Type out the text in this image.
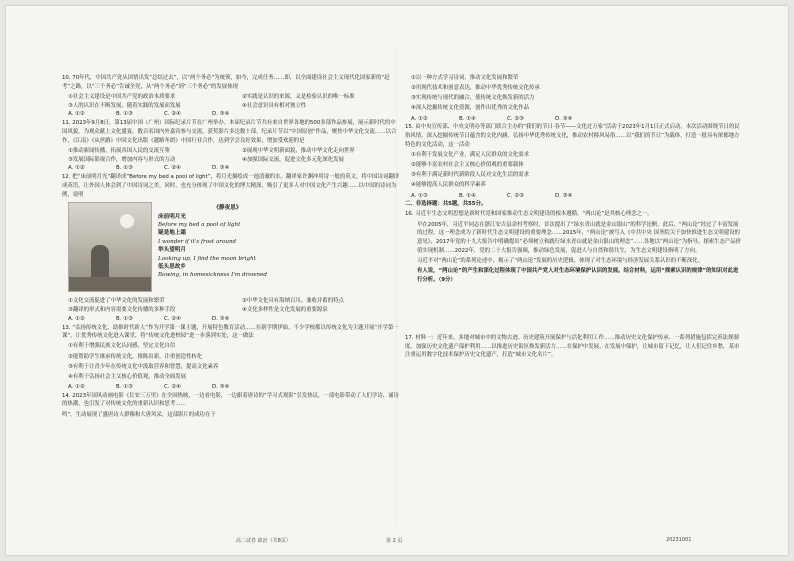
10. 70年代，中国共产党从国情出发“总结过去”，以“两个务必”为统领，如今，完成任务……即，以全面建设社会主义现代化国家新的“赶考”之路，以“三个务必”告诫全党，从“两个务必”到“三个务必”的发展体现

①社会主义建设是中国共产党的政治本质要求	②实践是认识的来源，又是检验认识的唯一标准
③人的认识在不断发展，随着实践的发展而发展	④社会意识具有相对独立性
A. ①②	B. ①③	C. ②④	D. ③④

11. 2023年9月8日，第13届中国（广州）国际纪录片节在广州举办。本届纪录片节共有来自世界各地的500多部作品参展，展示新时代的中国风貌，为观众献上文化盛宴。数百名国内外嘉宾参与交流，获奖影片多达数十部。纪录片节以“中国原创”作品，聚焦中华文化交流……以合作，《江南》《从丝路》中国文化出版《越路冬朗》中国行业合作，达到学会良好效果，增加受欢迎的是

①推动新闻传播，拓展各国人民的交流互鉴	②展现中华文明新面貌，推动中华文化走向世界
③发展国际影视合作，增加内容与形式的互动	④加强国际交流，促进文化多元化深化发展
A. ①②	B. ①③	C. ②④	D. ③④

12. 把“床前明月光”翻译成“Before my bed a pool of light”，将月光描绘成一池清澈的水。翻译家许渊冲用诗一般的英文，将中国诗词翻译成英语，让外国人体会到了中国诗词之美。同时，也充分体现了中国文化的博大精深，吸引了更多人对中国文化产生兴趣……以中国的诗词为例，说明

《静夜思》
床前明月光
Before my bed a pool of light
疑是地上霜
I wonder if it's frost around
举头望明月
Looking up, I find the moon bright
低头思故乡
Bowing, in homesickness I'm drowned
①文化交流促进了中华文化的发展和繁荣	②中华文化具有海纳百川、兼收并蓄的特点
③翻译的形式和内容需要文化传播的多种手段	④文化多样性是文化发展的重要源泉
A. ①②	B. ①③	C. ②④	D. ③④

13. “弘扬传统文化，助推时代新人”作为开学第一课主题，开展特色教育活动……在新学期伊始，不少学校都以传统文化为主题开展“开学第一课”，让优秀传统文化进入课堂，将“传统文化进校园”进一步落到实处，这一做法

①有利于增强民族文化认同感，坚定文化自信

②能帮助学生继承传统文化，推陈出新，注重创造性转化

③有利于让青少年在传统文化中汲取营养和智慧，提高文化素养

④有利于弘扬社会主义核心价值观，推动全面发展

A. ①②	B. ①③	C. ②④	D. ③④

14. 2023年国风动画电影《长安三万里》在全国热映，一边看电影，一边跟着唐诗的“学习式观影”引发热议。一部电影带动了人们学诗、诵诗的热潮，也引发了对传统文化的重新认识和思考……

鸣”，生动展现了盛唐诗人群像和大唐风采，这部影片的成功在于

①以一种方式学习诗词，推动文化发展和繁荣

②用现代技术和创意表达，推动中华优秀传统文化传承

③实现传统与现代的融合，使传统文化焕发新的活力

④深入挖掘传统文化资源，创作出优秀的文化作品

A. ①②	B. ①④	C. ②③	D. ③④

15. 由中央宣传部、中央文明办等部门联合主办的“我们的节日·春节——文化过万家”活动于2023年1月1日正式启动。本次活动围绕节日的民俗风情，深入挖掘传统节日蕴含的文化内涵，弘扬中华优秀传统文化，推动农村移风易俗……以“我们的节日”为载体，打造一批具有浓郁地方特色的文化活动，这一活动

①有利于发展文化产业，满足人民群众的文化需求

②能够丰富农村社会主义核心价值观的重要载体

③有利于满足新时代新阶段人民对文化生活的需求

④能够提高人民群众的科学素养

A. ①③	B. ①④	C. ②③	D. ③④

二、非选择题：共5题，共55分。

16. 习近平生态文明思想是新时代党和国家推动生态文明建设的根本遵循。“两山论”是其核心理念之一。

早在2005年，习近平同志在浙江安吉县余村考察时，首次提出了“绿水青山就是金山银山”的科学论断。此后，“两山论”经过了丰富发展的过程，这一理念成为了新时代生态文明建设的重要理念……2015年，“两山论”被写入《中共中央 国务院关于加快推进生态文明建设的意见》，2017年党的十九大报告中明确提出“必须树立和践行绿水青山就是金山银山的理念”……各地以“两山论”为指导，探索生态产品价值实现机制……2022年，党的二十大报告强调，推动绿色发展，促进人与自然和谐共生，为生态文明建设指明了方向。

习近平对“两山论”的系列论述中，揭示了“两山论”发展的历史逻辑，体现了对生态环境与经济发展关系认识的不断深化。

有人说，“两山论”的产生和深化过程体现了中国共产党人对生态环境保护认识的发展。结合材料，运用“探索认识的规律”的知识对此进行分析。（9分）

17. 材料一：近年来，多地对城市中的文物古迹、历史建筑开展保护与活化利用工作……推动历史文化保护传承。一系列措施包括完善法规制度、加强历史文化遗产保护利用……以推进历史街区焕发新活力……在保护中发展、在发展中保护，让城市留下记忆，让人们记住乡愁，某市注重运用数字化技术保护历史文化遗产，打造“城市文化名片”。

高二试卷 政治（共8页）	第 2 页	20231001
